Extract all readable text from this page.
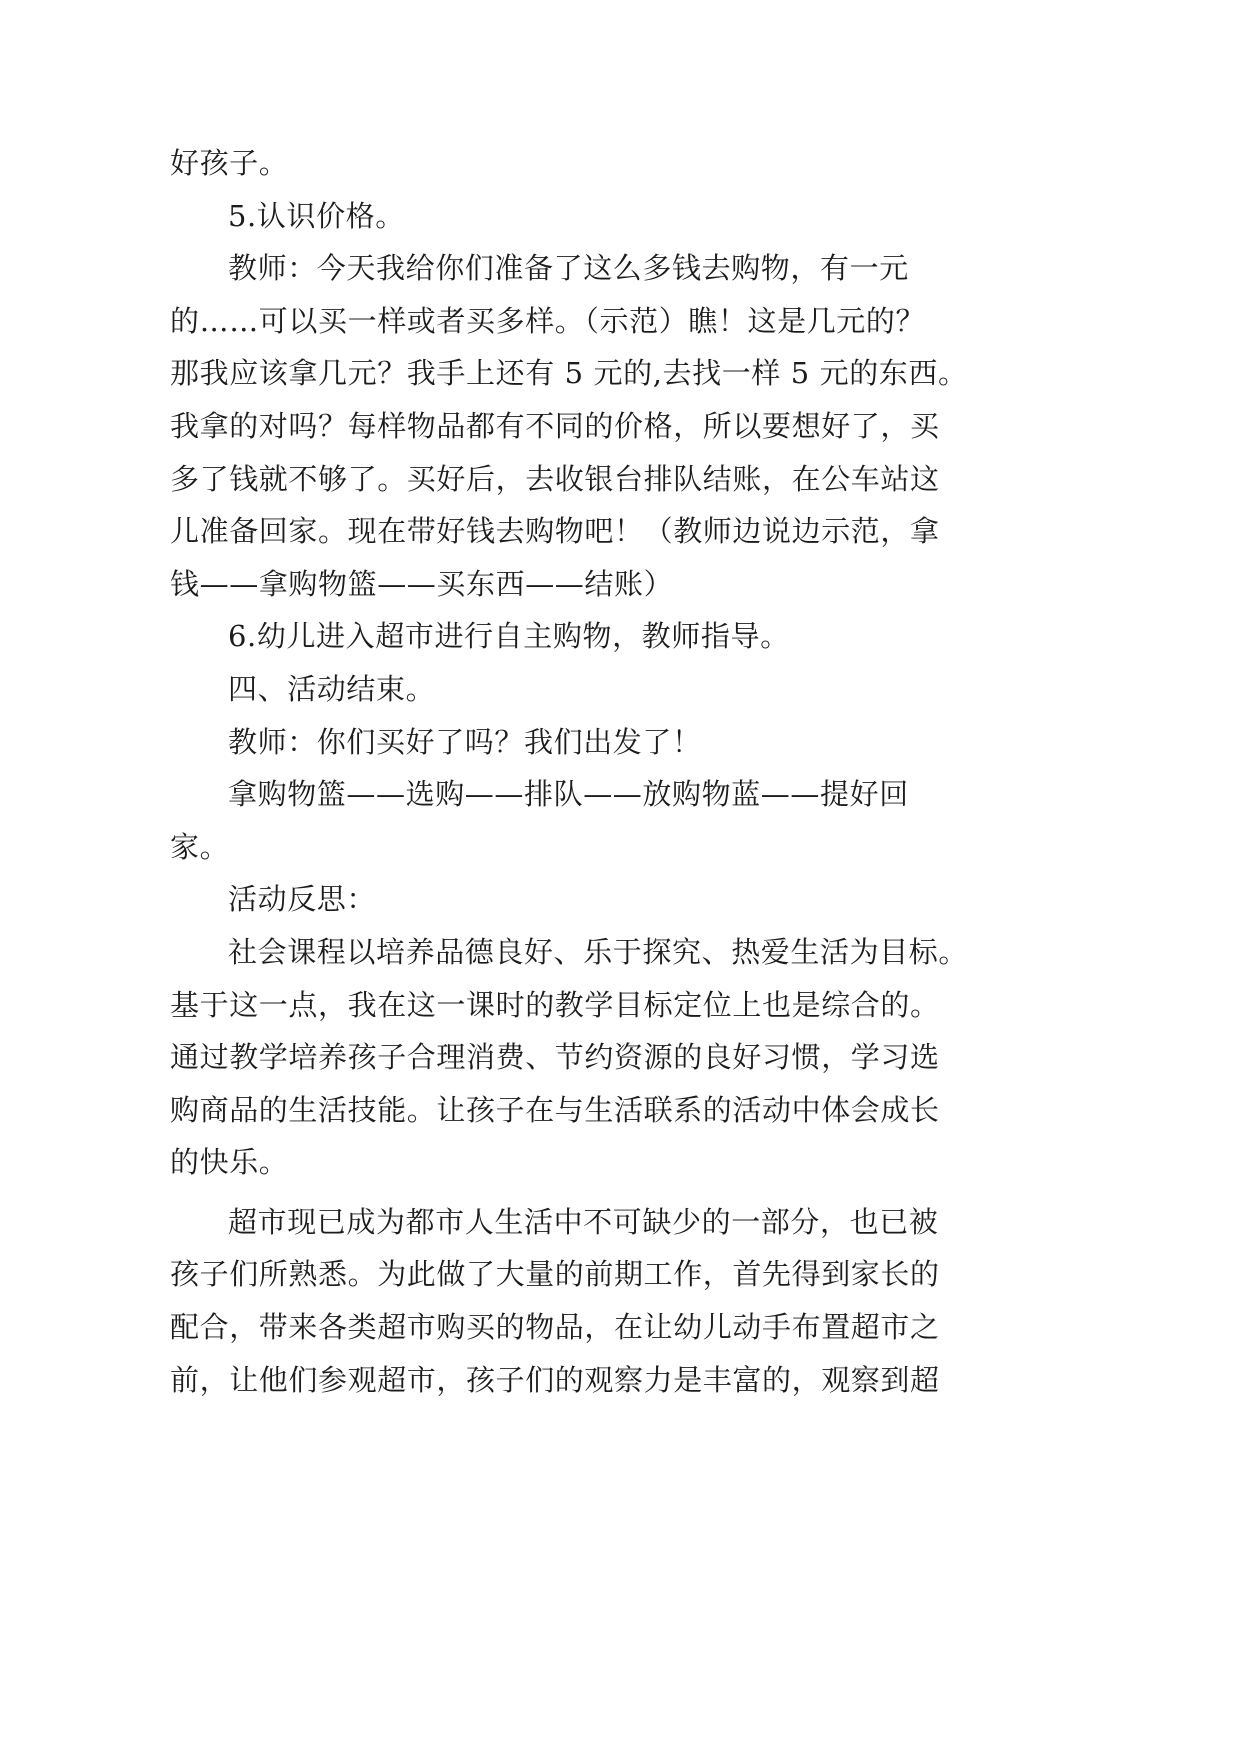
好孩子。
5.认识价格。
教师：今天我给你们准备了这么多钱去购物，有一元
的……可以买一样或者买多样。（示范）瞧！这是几元的？
那我应该拿几元？我手上还有 5 元的,去找一样 5 元的东西。
我拿的对吗？每样物品都有不同的价格，所以要想好了，买
多了钱就不够了。买好后，去收银台排队结账，在公车站这
儿准备回家。现在带好钱去购物吧！（教师边说边示范，拿
钱——拿购物篮——买东西——结账）
6.幼儿进入超市进行自主购物，教师指导。
四、活动结束。
教师：你们买好了吗？我们出发了！
拿购物篮——选购——排队——放购物蓝——提好回
家。
活动反思：
社会课程以培养品德良好、乐于探究、热爱生活为目标。
基于这一点，我在这一课时的教学目标定位上也是综合的。
通过教学培养孩子合理消费、节约资源的良好习惯，学习选
购商品的生活技能。让孩子在与生活联系的活动中体会成长
的快乐。
超市现已成为都市人生活中不可缺少的一部分，也已被
孩子们所熟悉。为此做了大量的前期工作，首先得到家长的
配合，带来各类超市购买的物品，在让幼儿动手布置超市之
前，让他们参观超市，孩子们的观察力是丰富的，观察到超
